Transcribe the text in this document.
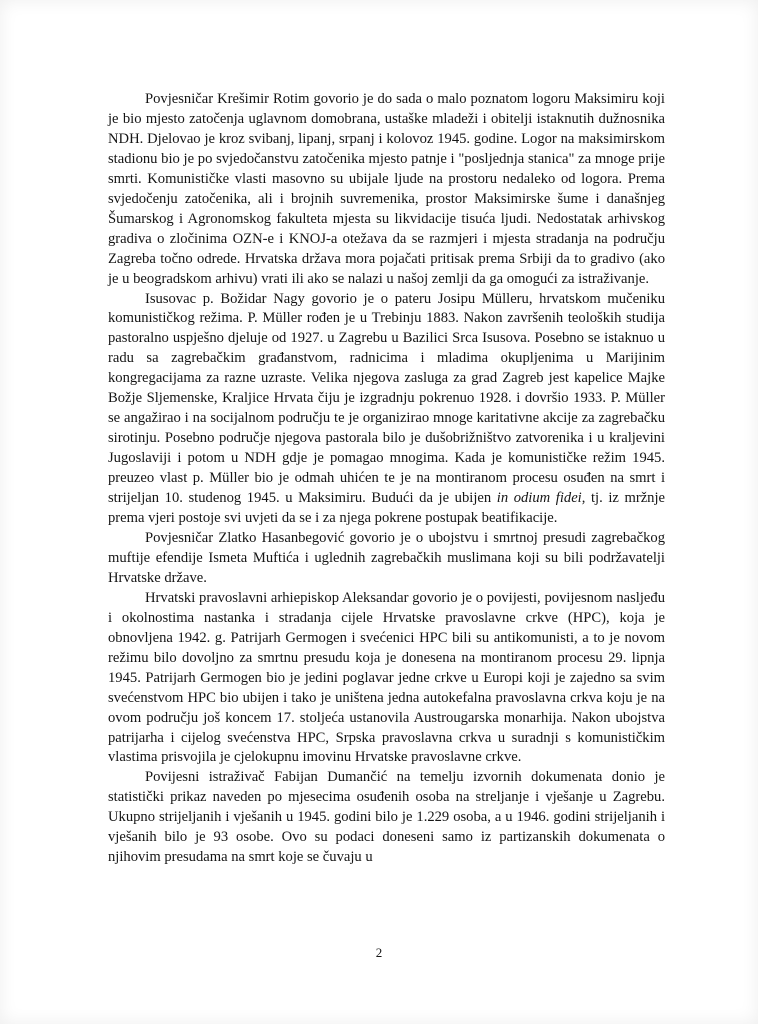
Povjesničar Krešimir Rotim govorio je do sada o malo poznatom logoru Maksimiru koji je bio mjesto zatočenja uglavnom domobrana, ustaške mladeži i obitelji istaknutih dužnosnika NDH. Djelovao je kroz svibanj, lipanj, srpanj i kolovoz 1945. godine. Logor na maksimirskom stadionu bio je po svjedočanstvu zatočenika mjesto patnje i "posljednja stanica" za mnoge prije smrti. Komunističke vlasti masovno su ubijale ljude na prostoru nedaleko od logora. Prema svjedočenju zatočenika, ali i brojnih suvremenika, prostor Maksimirske šume i današnjeg Šumarskog i Agronomskog fakulteta mjesta su likvidacije tisuća ljudi. Nedostatak arhivskog gradiva o zločinima OZN-e i KNOJ-a otežava da se razmjeri i mjesta stradanja na području Zagreba točno odrede. Hrvatska država mora pojačati pritisak prema Srbiji da to gradivo (ako je u beogradskom arhivu) vrati ili ako se nalazi u našoj zemlji da ga omogući za istraživanje.

Isusovac p. Božidar Nagy govorio je o pateru Josipu Mülleru, hrvatskom mučeniku komunističkog režima. P. Müller rođen je u Trebinju 1883. Nakon završenih teoloških studija pastoralno uspješno djeluje od 1927. u Zagrebu u Bazilici Srca Isusova. Posebno se istaknuo u radu sa zagrebačkim građanstvom, radnicima i mladima okupljenima u Marijinim kongregacijama za razne uzraste. Velika njegova zasluga za grad Zagreb jest kapelice Majke Božje Sljemenske, Kraljice Hrvata čiju je izgradnju pokrenuo 1928. i dovršio 1933. P. Müller se angažirao i na socijalnom području te je organizirao mnoge karitativne akcije za zagrebačku sirotinju. Posebno područje njegova pastorala bilo je dušobrižništvo zatvorenika i u kraljevini Jugoslaviji i potom u NDH gdje je pomagao mnogima. Kada je komunističke režim 1945. preuzeo vlast p. Müller bio je odmah uhićen te je na montiranom procesu osuđen na smrt i strijeljan 10. studenog 1945. u Maksimiru. Budući da je ubijen in odium fidei, tj. iz mržnje prema vjeri postoje svi uvjeti da se i za njega pokrene postupak beatifikacije.

Povjesničar Zlatko Hasanbegović govorio je o ubojstvu i smrtnoj presudi zagrebačkog muftije efendije Ismeta Muftića i uglednih zagrebačkih muslimana koji su bili podržavatelji Hrvatske države.

Hrvatski pravoslavni arhiepiskop Aleksandar govorio je o povijesti, povijesnom nasljeđu i okolnostima nastanka i stradanja cijele Hrvatske pravoslavne crkve (HPC), koja je obnovljena 1942. g. Patrijarh Germogen i svećenici HPC bili su antikomunisti, a to je novom režimu bilo dovoljno za smrtnu presudu koja je donesena na montiranom procesu 29. lipnja 1945. Patrijarh Germogen bio je jedini poglavar jedne crkve u Europi koji je zajedno sa svim svećenstvom HPC bio ubijen i tako je uništena jedna autokefalna pravoslavna crkva koju je na ovom području još koncem 17. stoljeća ustanovila Austrougarska monarhija. Nakon ubojstva patrijarha i cijelog svećenstva HPC, Srpska pravoslavna crkva u suradnji s komunističkim vlastima prisvojila je cjelokupnu imovinu Hrvatske pravoslavne crkve.

Povijesni istraživač Fabijan Dumančić na temelju izvornih dokumenata donio je statistički prikaz naveden po mjesecima osuđenih osoba na streljanje i vješanje u Zagrebu. Ukupno strijeljanih i vješanih u 1945. godini bilo je 1.229 osoba, a u 1946. godini strijeljanih i vješanih bilo je 93 osobe. Ovo su podaci doneseni samo iz partizanskih dokumenata o njihovim presudama na smrt koje se čuvaju u

2
